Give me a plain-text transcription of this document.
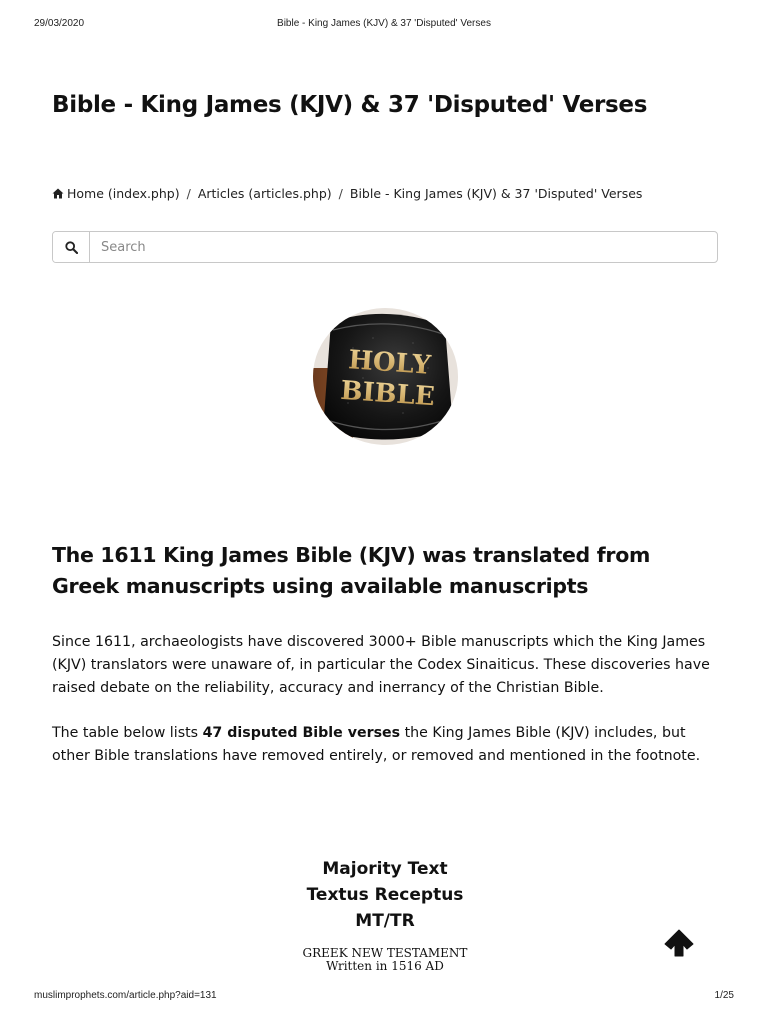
29/03/2020	Bible - King James (KJV) & 37 'Disputed' Verses
Bible - King James (KJV) & 37 'Disputed' Verses
Home (index.php) / Articles (articles.php) / Bible - King James (KJV) & 37 'Disputed' Verses
Search
HOLY
BIBLE
The 1611 King James Bible (KJV) was translated from Greek manuscripts using available manuscripts

Since 1611, archaeologists have discovered 3000+ Bible manuscripts which the King James (KJV) translators were unaware of, in particular the Codex Sinaiticus. These discoveries have raised debate on the reliability, accuracy and inerrancy of the Christian Bible.

The table below lists 47 disputed Bible verses the King James Bible (KJV) includes, but other Bible translations have removed entirely, or removed and mentioned in the footnote.

Majority Text
Textus Receptus
MT/TR
GREEK NEW TESTAMENT
Written in 1516 AD
muslimprophets.com/article.php?aid=131	1/25
